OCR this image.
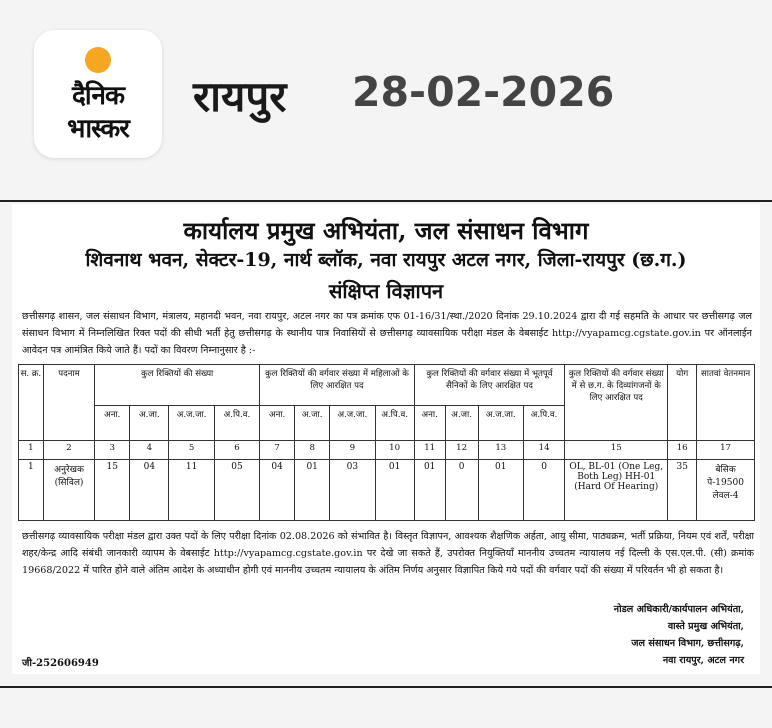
दैनिक
भास्कर
रायपुर 28-02-2026
कार्यालय प्रमुख अभियंता, जल संसाधन विभाग
शिवनाथ भवन, सेक्टर-19, नार्थ ब्लॉक, नवा रायपुर अटल नगर, जिला-रायपुर (छ.ग.)
संक्षिप्त विज्ञापन
छत्तीसगढ़ शासन, जल संसाधन विभाग, मंत्रालय, महानदी भवन, नवा रायपुर, अटल नगर का पत्र क्रमांक एफ 01-16/31/स्था./2020 दिनांक 29.10.2024 द्वारा दी गई सहमति के आधार पर छत्तीसगढ़ जल संसाधन विभाग में निम्नलिखित रिक्त पदों की सीधी भर्ती हेतु छत्तीसगढ़ के स्थानीय पात्र निवासियों से छत्तीसगढ़ व्यावसायिक परीक्षा मंडल के वेबसाईट http://vyapamcg.cgstate.gov.in पर ऑनलाईन आवेदन पत्र आमंत्रित किये जाते हैं। पदों का विवरण निम्नानुसार है :-
स. क्र.	पदनाम	कुल रिक्तियों की संख्या				कुल रिक्तियों की वर्गवार संख्या में महिलाओं के लिए आरक्षित पद				कुल रिक्तियों की वर्गवार संख्या में भूतपूर्व सैनिकों के लिए आरक्षित पद				कुल रिक्तियों की वर्गवार संख्या में से छ.ग. के दिव्यांगजनों के लिए आरक्षित पद	योग	सातवां वेतनमान
		अना.	अ.जा.	अ.ज.जा.	अ.पि.व.	अना.	अ.जा.	अ.ज.जा.	अ.पि.व.	अना.	अ.जा.	अ.ज.जा.	अ.पि.व.			
1	2	3	4	5	6	7	8	9	10	11	12	13	14	15	16	17
1	अनुरेखक (सिविल)	15	04	11	05	04	01	03	01	01	0	01	0	OL, BL-01 (One Leg, Both Leg) HH-01 (Hard Of Hearing)	35	बेसिक पे-19500 लेवल-4
छत्तीसगढ़ व्यावसायिक परीक्षा मंडल द्वारा उक्त पदों के लिए परीक्षा दिनांक 02.08.2026 को संभावित है। विस्तृत विज्ञापन, आवश्यक शैक्षणिक अर्हता, आयु सीमा, पाठ्यक्रम, भर्ती प्रक्रिया, नियम एवं शर्तें, परीक्षा शहर/केन्द्र आदि संबंधी जानकारी व्यापम के वेबसाईट http://vyapamcg.cgstate.gov.in पर देखे जा सकते हैं, उपरोक्त नियुक्तियाँ माननीय उच्चतम न्यायालय नई दिल्ली के एस.एल.पी. (सी) क्रमांक 19668/2022 में पारित होने वाले अंतिम आदेश के अध्याधीन होगी एवं माननीय उच्चतम न्यायालय के अंतिम निर्णय अनुसार विज्ञापित किये गये पदों की वर्गवार पदों की संख्या में परिवर्तन भी हो सकता है।
नोडल अधिकारी/कार्यपालन अभियंता,
वास्ते प्रमुख अभियंता,
जल संसाधन विभाग, छत्तीसगढ़,
नवा रायपुर, अटल नगर
जी-252606949
